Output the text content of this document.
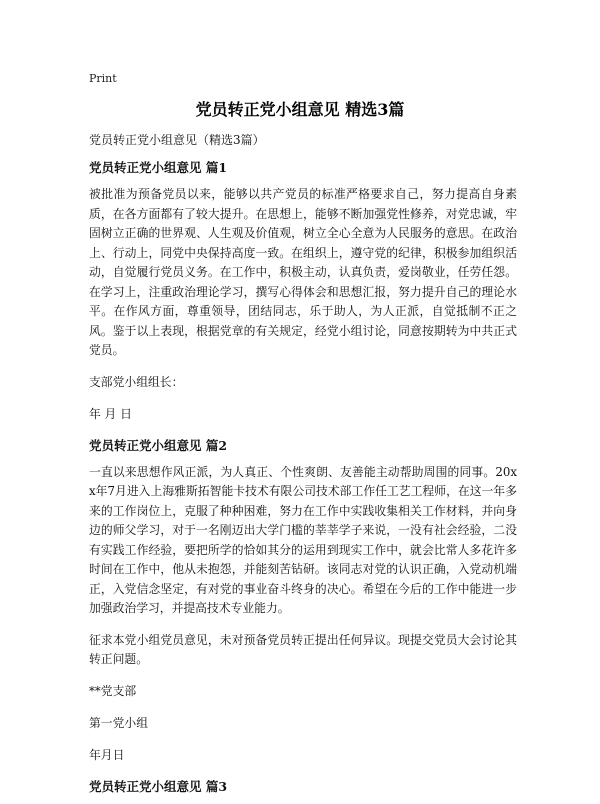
Print
党员转正党小组意见 精选3篇
党员转正党小组意见（精选3篇）
党员转正党小组意见 篇1
被批准为预备党员以来，能够以共产党员的标准严格要求自己，努力提高自身素质，在各方面都有了较大提升。在思想上，能够不断加强党性修养，对党忠诚，牢固树立正确的世界观、人生观及价值观，树立全心全意为人民服务的意思。在政治上、行动上，同党中央保持高度一致。在组织上，遵守党的纪律，积极参加组织活动，自觉履行党员义务。在工作中，积极主动，认真负责，爱岗敬业，任劳任怨。在学习上，注重政治理论学习，撰写心得体会和思想汇报，努力提升自己的理论水平。在作风方面，尊重领导，团结同志，乐于助人，为人正派，自觉抵制不正之风。鉴于以上表现，根据党章的有关规定，经党小组讨论，同意按期转为中共正式党员。
支部党小组组长：
年 月 日
党员转正党小组意见 篇2
一直以来思想作风正派，为人真正、个性爽朗、友善能主动帮助周围的同事。20xx年7月进入上海雅斯拓智能卡技术有限公司技术部工作任工艺工程师，在这一年多来的工作岗位上，克服了种种困难，努力在工作中实践收集相关工作材料，并向身边的师父学习，对于一名刚迈出大学门槛的莘莘学子来说，一没有社会经验，二没有实践工作经验，要把所学的恰如其分的运用到现实工作中，就会比常人多花许多时间在工作中，他从未抱怨，并能刻苦钻研。该同志对党的认识正确，入党动机端正，入党信念坚定，有对党的事业奋斗终身的决心。希望在今后的工作中能进一步加强政治学习，并提高技术专业能力。
征求本党小组党员意见，未对预备党员转正提出任何异议。现提交党员大会讨论其转正问题。
**党支部
第一党小组
年月日
党员转正党小组意见 篇3
